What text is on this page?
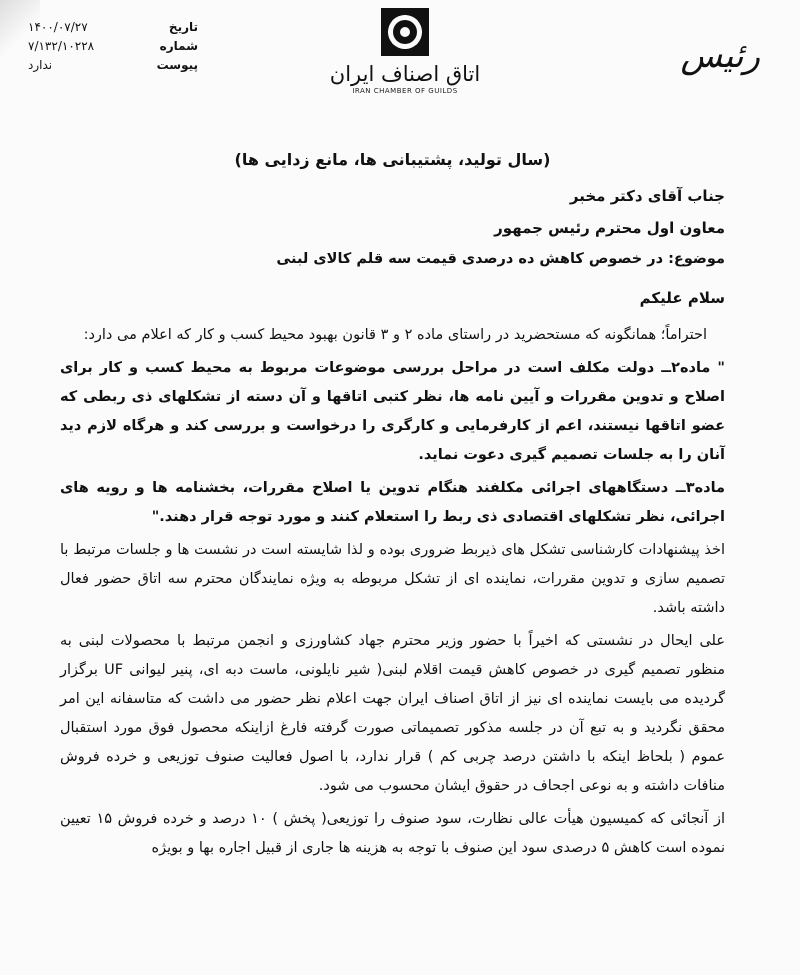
تاریخ
۱۴۰۰/۰۷/۲۷
شماره
۷/۱۳۲/۱۰۲۲۸
پیوست
ندارد	اتاق اصناف ایران
IRAN CHAMBER OF GUILDS
رئیس
(سال تولید، پشتیبانی ها، مانع زدایی ها)
جناب آقای دکتر مخبر
معاون اول محترم رئیس جمهور
موضوع: در خصوص کاهش ده درصدی قیمت سه قلم کالای لبنی
سلام علیکم

احتراماً؛ همانگونه که مستحضرید در راستای ماده ۲ و ۳ قانون بهبود محیط کسب و کار که اعلام می دارد:

" ماده۲ــ دولت مکلف است در مراحل بررسی موضوعات مربوط به محیط کسب و کار برای اصلاح و تدوین مقررات و آیین نامه ها، نظر کتبی اتاقها و آن دسته از تشکلهای ذی ربطی که عضو اتاقها نیستند، اعم از کارفرمایی و کارگری را درخواست و بررسی کند و هرگاه لازم دید آنان را به جلسات تصمیم گیری دعوت نماید.

ماده۳ــ دستگاههای اجرائی مکلفند هنگام تدوین یا اصلاح مقررات، بخشنامه ها و رویه های اجرائی، نظر تشکلهای اقتصادی ذی ربط را استعلام کنند و مورد توجه قرار دهند."

اخذ پیشنهادات کارشناسی تشکل های ذیربط ضروری بوده و لذا شایسته است در نشست ها و جلسات مرتبط با تصمیم سازی و تدوین مقررات، نماینده ای از تشکل مربوطه به ویژه نمایندگان محترم سه اتاق حضور فعال داشته باشد.

علی ایحال در نشستی که اخیراً با حضور وزیر محترم جهاد کشاورزی و انجمن مرتبط با محصولات لبنی به منظور تصمیم گیری در خصوص کاهش قیمت اقلام لبنی( شیر نایلونی، ماست دبه ای، پنیر لیوانی UF برگزار گردیده می بایست نماینده ای نیز از اتاق اصناف ایران جهت اعلام نظر حضور می داشت که متاسفانه این امر محقق نگردید و به تبع آن در جلسه مذکور تصمیماتی صورت گرفته فارغ ازاینکه محصول فوق مورد استقبال عموم ( بلحاظ اینکه با داشتن درصد چربی کم ) قرار ندارد، با اصول فعالیت صنوف توزیعی و خرده فروش منافات داشته و به نوعی اجحاف در حقوق ایشان محسوب می شود.

از آنجائی که کمیسیون هیأت عالی نظارت، سود صنوف را توزیعی( پخش ) ۱۰ درصد و خرده فروش ۱۵ تعیین نموده است کاهش ۵ درصدی سود این صنوف با توجه به هزینه ها جاری از قبیل اجاره بها و بویژه
